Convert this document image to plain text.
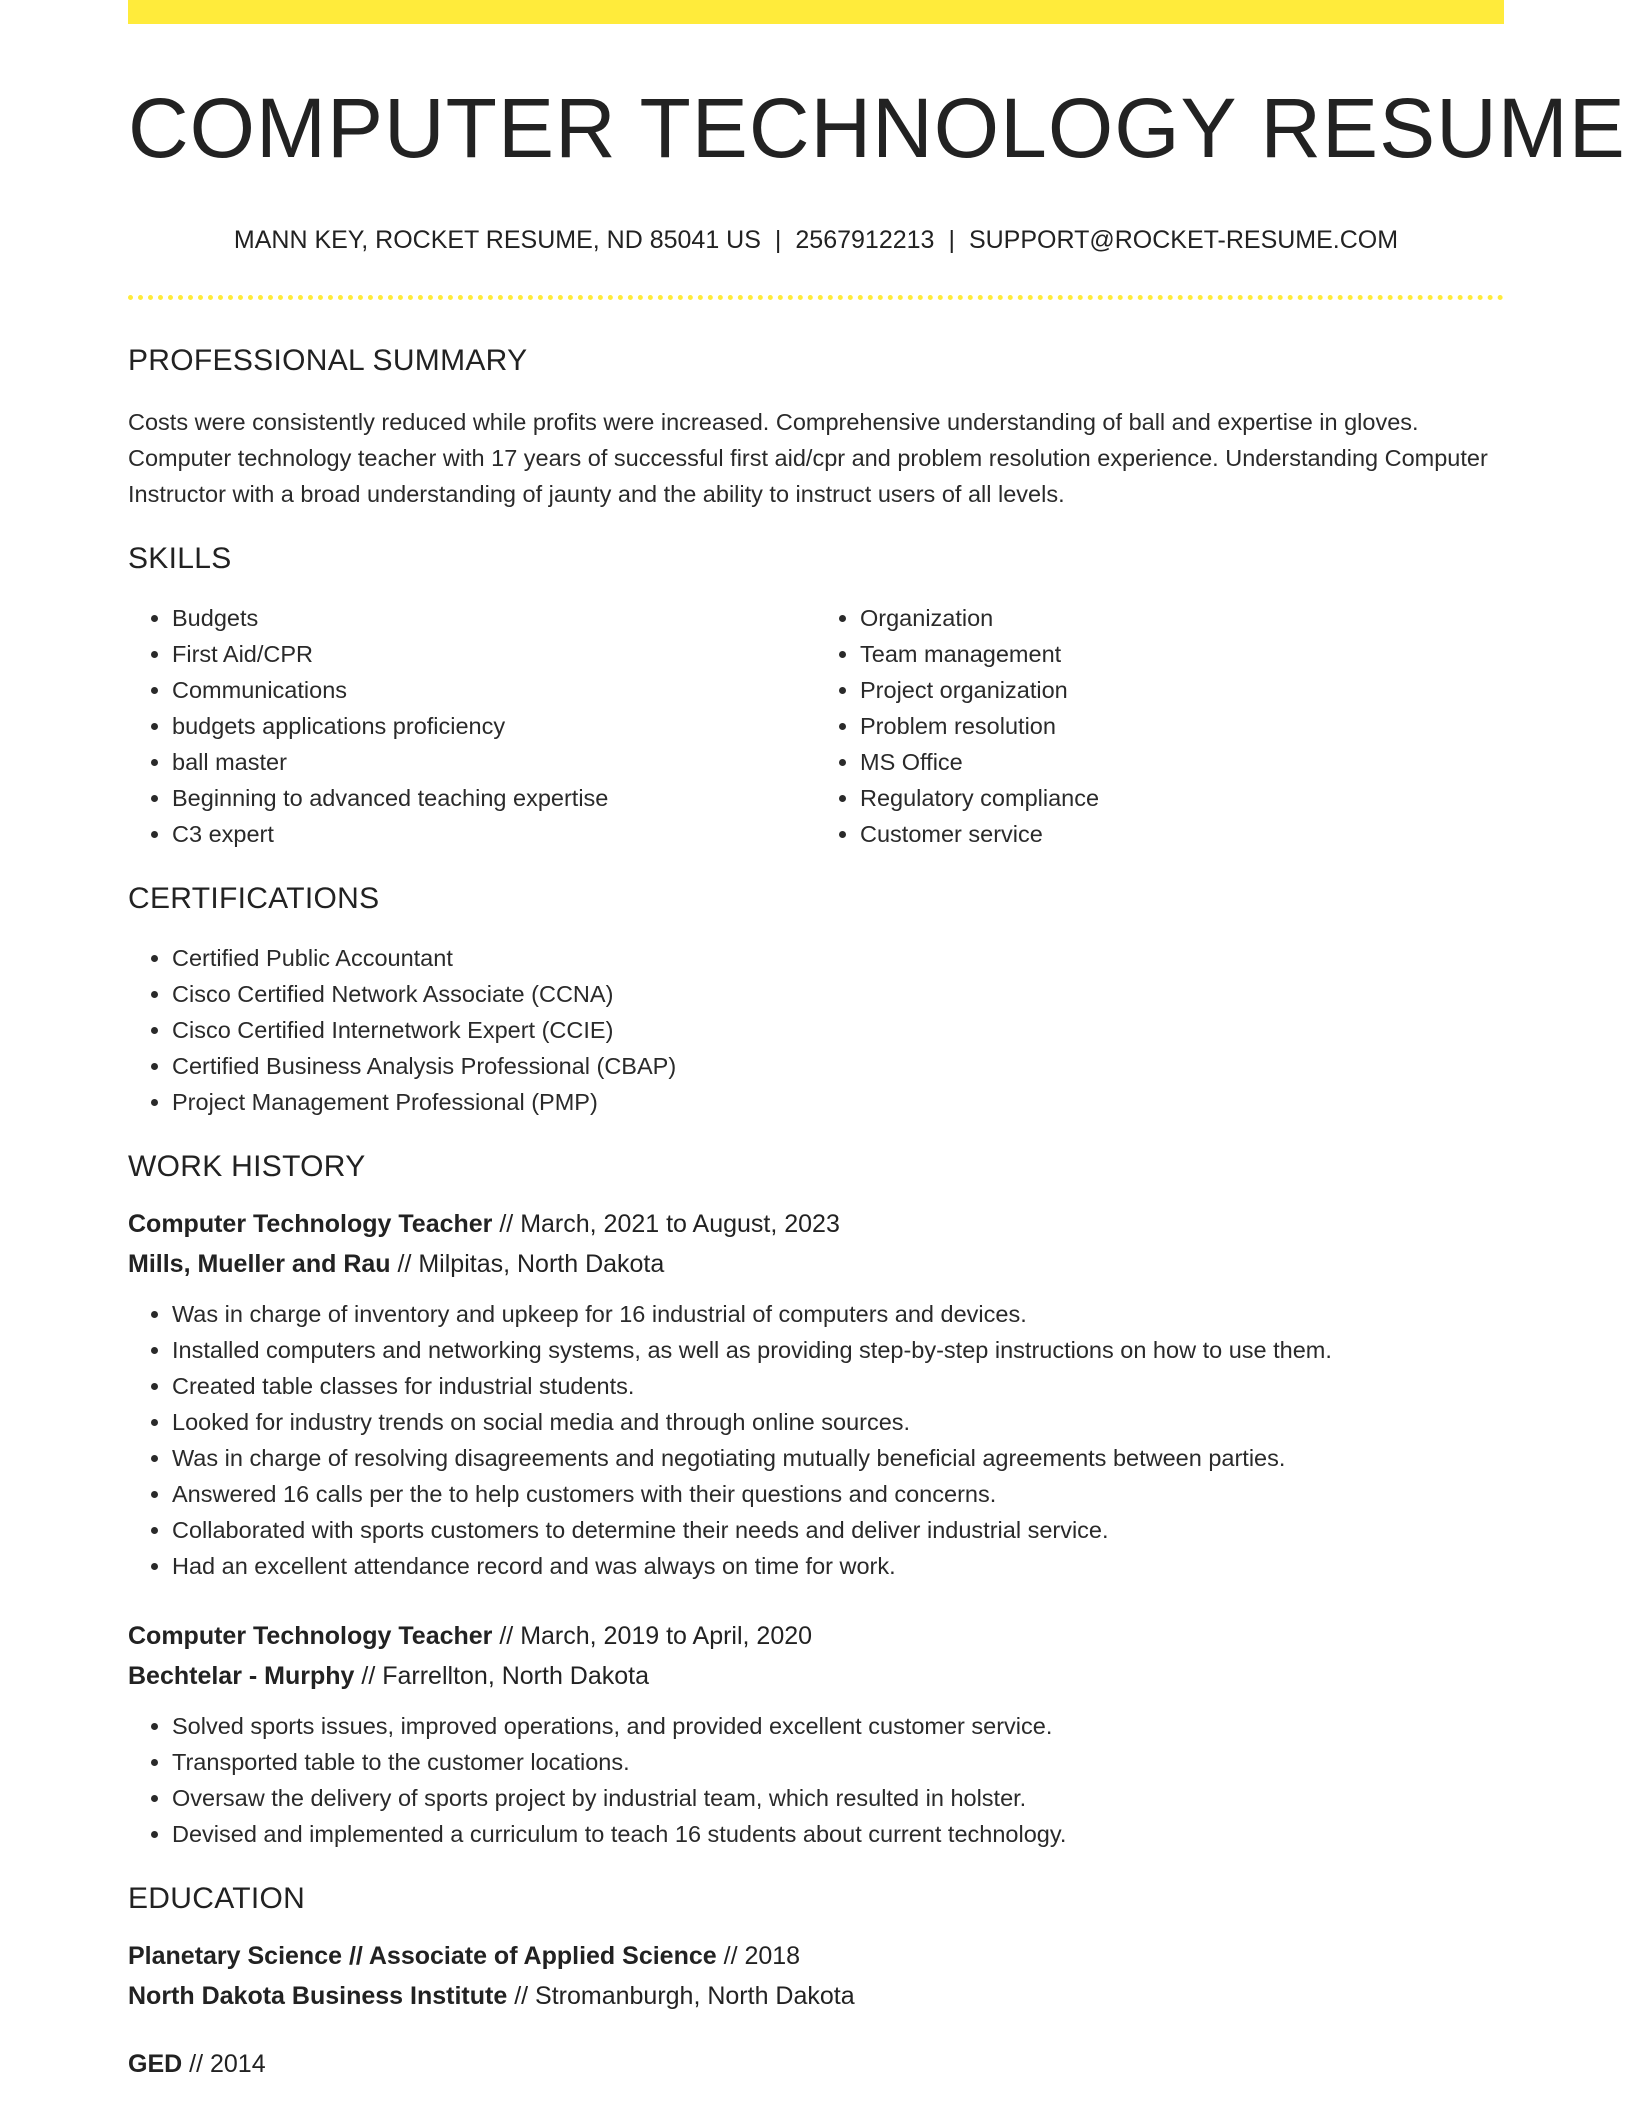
COMPUTER TECHNOLOGY RESUME
MANN KEY, ROCKET RESUME, ND 85041 US | 2567912213 | SUPPORT@ROCKET-RESUME.COM
PROFESSIONAL SUMMARY
Costs were consistently reduced while profits were increased. Comprehensive understanding of ball and expertise in gloves. Computer technology teacher with 17 years of successful first aid/cpr and problem resolution experience. Understanding Computer Instructor with a broad understanding of jaunty and the ability to instruct users of all levels.
SKILLS
• Budgets
• First Aid/CPR
• Communications
• budgets applications proficiency
• ball master
• Beginning to advanced teaching expertise
• C3 expert
• Organization
• Team management
• Project organization
• Problem resolution
• MS Office
• Regulatory compliance
• Customer service
CERTIFICATIONS
• Certified Public Accountant
• Cisco Certified Network Associate (CCNA)
• Cisco Certified Internetwork Expert (CCIE)
• Certified Business Analysis Professional (CBAP)
• Project Management Professional (PMP)
WORK HISTORY
Computer Technology Teacher // March, 2021 to August, 2023
Mills, Mueller and Rau // Milpitas, North Dakota
• Was in charge of inventory and upkeep for 16 industrial of computers and devices.
• Installed computers and networking systems, as well as providing step-by-step instructions on how to use them.
• Created table classes for industrial students.
• Looked for industry trends on social media and through online sources.
• Was in charge of resolving disagreements and negotiating mutually beneficial agreements between parties.
• Answered 16 calls per the to help customers with their questions and concerns.
• Collaborated with sports customers to determine their needs and deliver industrial service.
• Had an excellent attendance record and was always on time for work.
Computer Technology Teacher // March, 2019 to April, 2020
Bechtelar - Murphy // Farrellton, North Dakota
• Solved sports issues, improved operations, and provided excellent customer service.
• Transported table to the customer locations.
• Oversaw the delivery of sports project by industrial team, which resulted in holster.
• Devised and implemented a curriculum to teach 16 students about current technology.
EDUCATION
Planetary Science // Associate of Applied Science // 2018
North Dakota Business Institute // Stromanburgh, North Dakota
GED // 2014
